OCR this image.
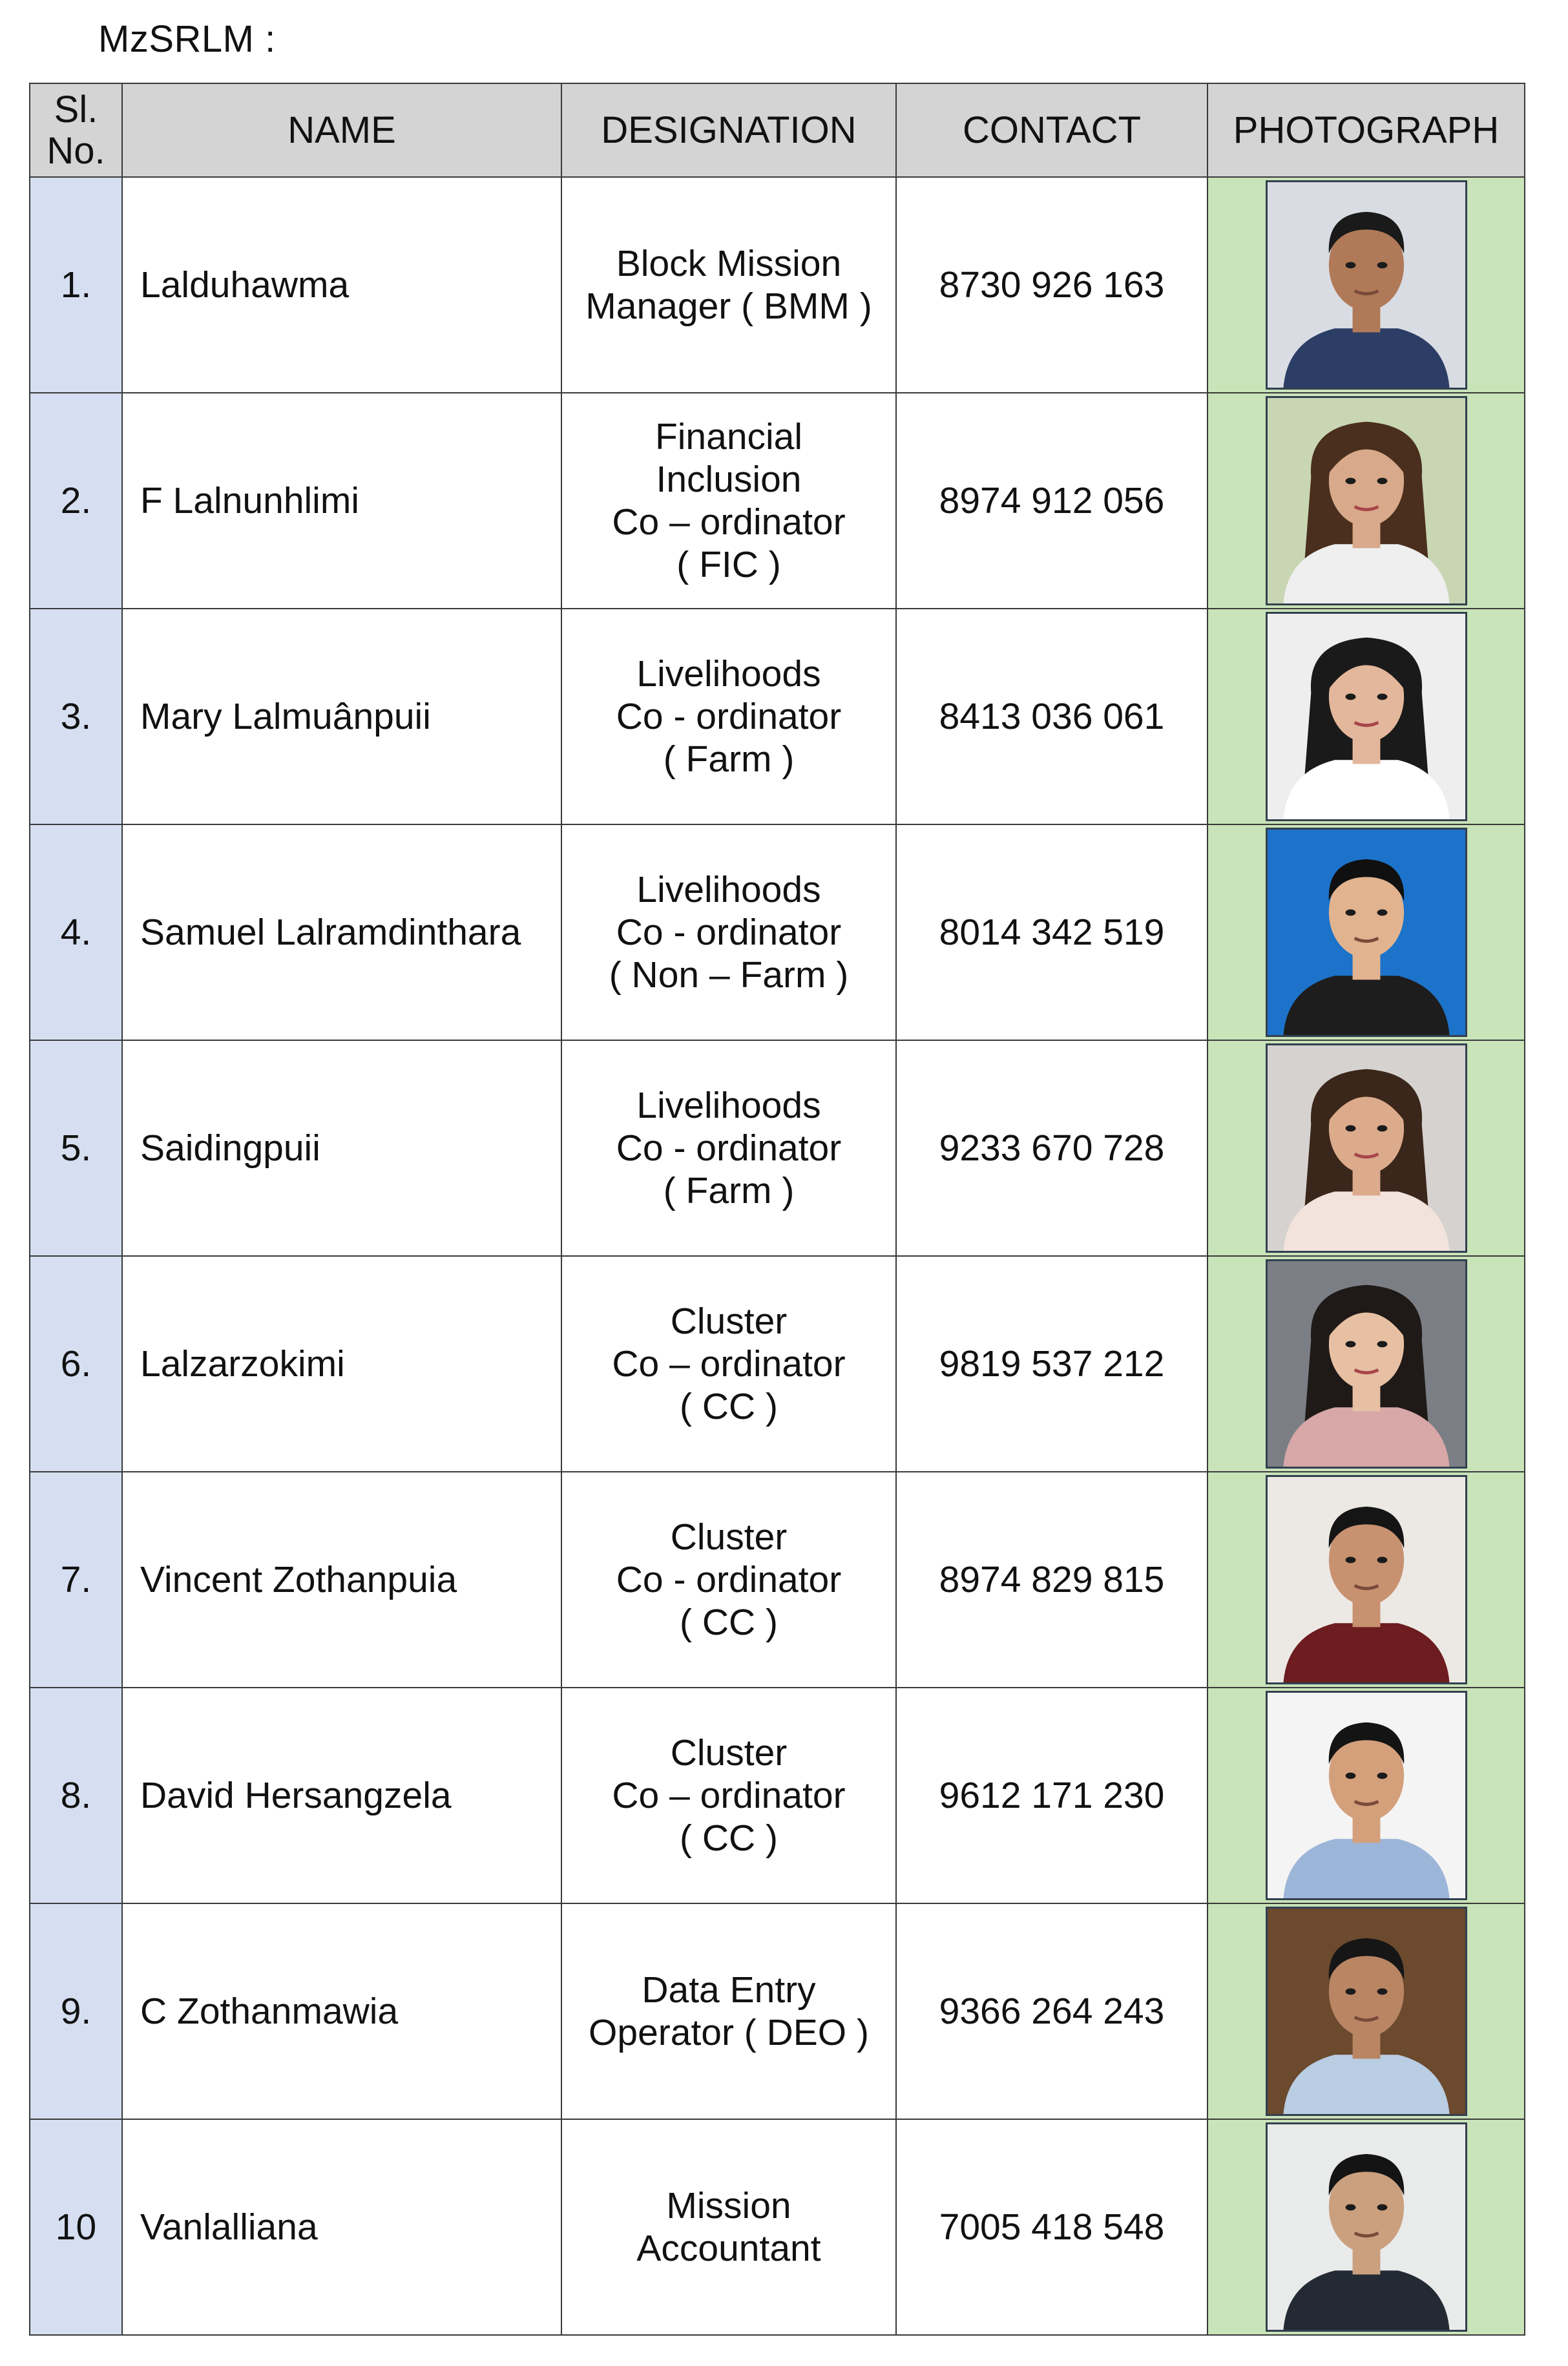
MzSRLM :
Sl.
No.	NAME	DESIGNATION	CONTACT	PHOTOGRAPH
1.	Lalduhawma	Block Mission
Manager ( BMM )	8730 926 163	

2.	F Lalnunhlimi	Financial
Inclusion
Co – ordinator
( FIC )	8974 912 056	

3.	Mary Lalmuânpuii	Livelihoods
Co - ordinator
( Farm )	8413 036 061	

4.	Samuel Lalramdinthara	Livelihoods
Co - ordinator
( Non – Farm )	8014 342 519	

5.	Saidingpuii	Livelihoods
Co - ordinator
( Farm )	9233 670 728	

6.	Lalzarzokimi	Cluster
Co – ordinator
( CC )	9819 537 212	

7.	Vincent Zothanpuia	Cluster
Co - ordinator
( CC )	8974 829 815	

8.	David Hersangzela	Cluster
Co – ordinator
( CC )	9612 171 230	

9.	C Zothanmawia	Data Entry
Operator ( DEO )	9366 264 243	

10	Vanlalliana	Mission
Accountant	7005 418 548	
